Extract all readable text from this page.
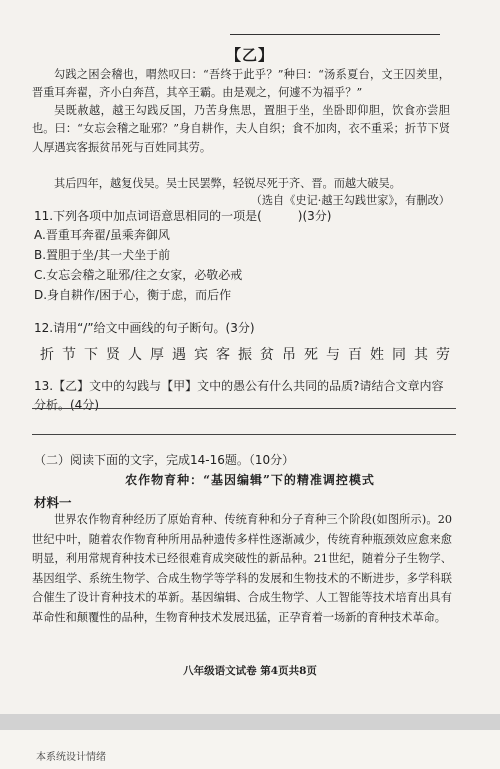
【乙】

勾践之困会稽也，喟然叹曰：“吾终于此乎？”种曰：“汤系夏台，文王囚羑里，晋重耳奔翟，齐小白奔莒，其卒王霸。由是观之，何遽不为福乎？”

吴既赦越，越王勾践反国，乃苦身焦思，置胆于坐，坐卧即仰胆，饮食亦尝胆也。曰：“女忘会稽之耻邪？”身自耕作，夫人自织；食不加肉，衣不重采；折节下贤人厚遇宾客振贫吊死与百姓同其劳。

其后四年，越复伐吴。吴士民罢弊，轻锐尽死于齐、晋。而越大破吴。

（选自《史记·越王勾践世家》，有删改）

11.下列各项中加点词语意思相同的一项是(　　　)(3分)

A.晋重耳奔翟/虽乘奔御风

B.置胆于坐/其一犬坐于前

C.女忘会稽之耻邪/往之女家，必敬必戒

D.身自耕作/困于心，衡于虑，而后作

12.请用“/”给文中画线的句子断句。(3分)

折节下贤人厚遇宾客振贫吊死与百姓同其劳

13.【乙】文中的勾践与【甲】文中的愚公有什么共同的品质?请结合文章内容分析。(4分)

（二）阅读下面的文字，完成14-16题。（10分）

农作物育种：“基因编辑”下的精准调控模式

材料一

世界农作物育种经历了原始育种、传统育种和分子育种三个阶段(如图所示)。20世纪中叶，随着农作物育种所用品种遗传多样性逐渐减少，传统育种瓶颈效应愈来愈明显，利用常规育种技术已经很难育成突破性的新品种。21世纪，随着分子生物学、基因组学、系统生物学、合成生物学等学科的发展和生物技术的不断进步，多学科联合催生了设计育种技术的革新。基因编辑、合成生物学、人工智能等技术培育出具有革命性和颠覆性的品种，生物育种技术发展迅猛，正孕育着一场新的育种技术革命。

八年级语文试卷 第4页共8页

本系统设计情绪
